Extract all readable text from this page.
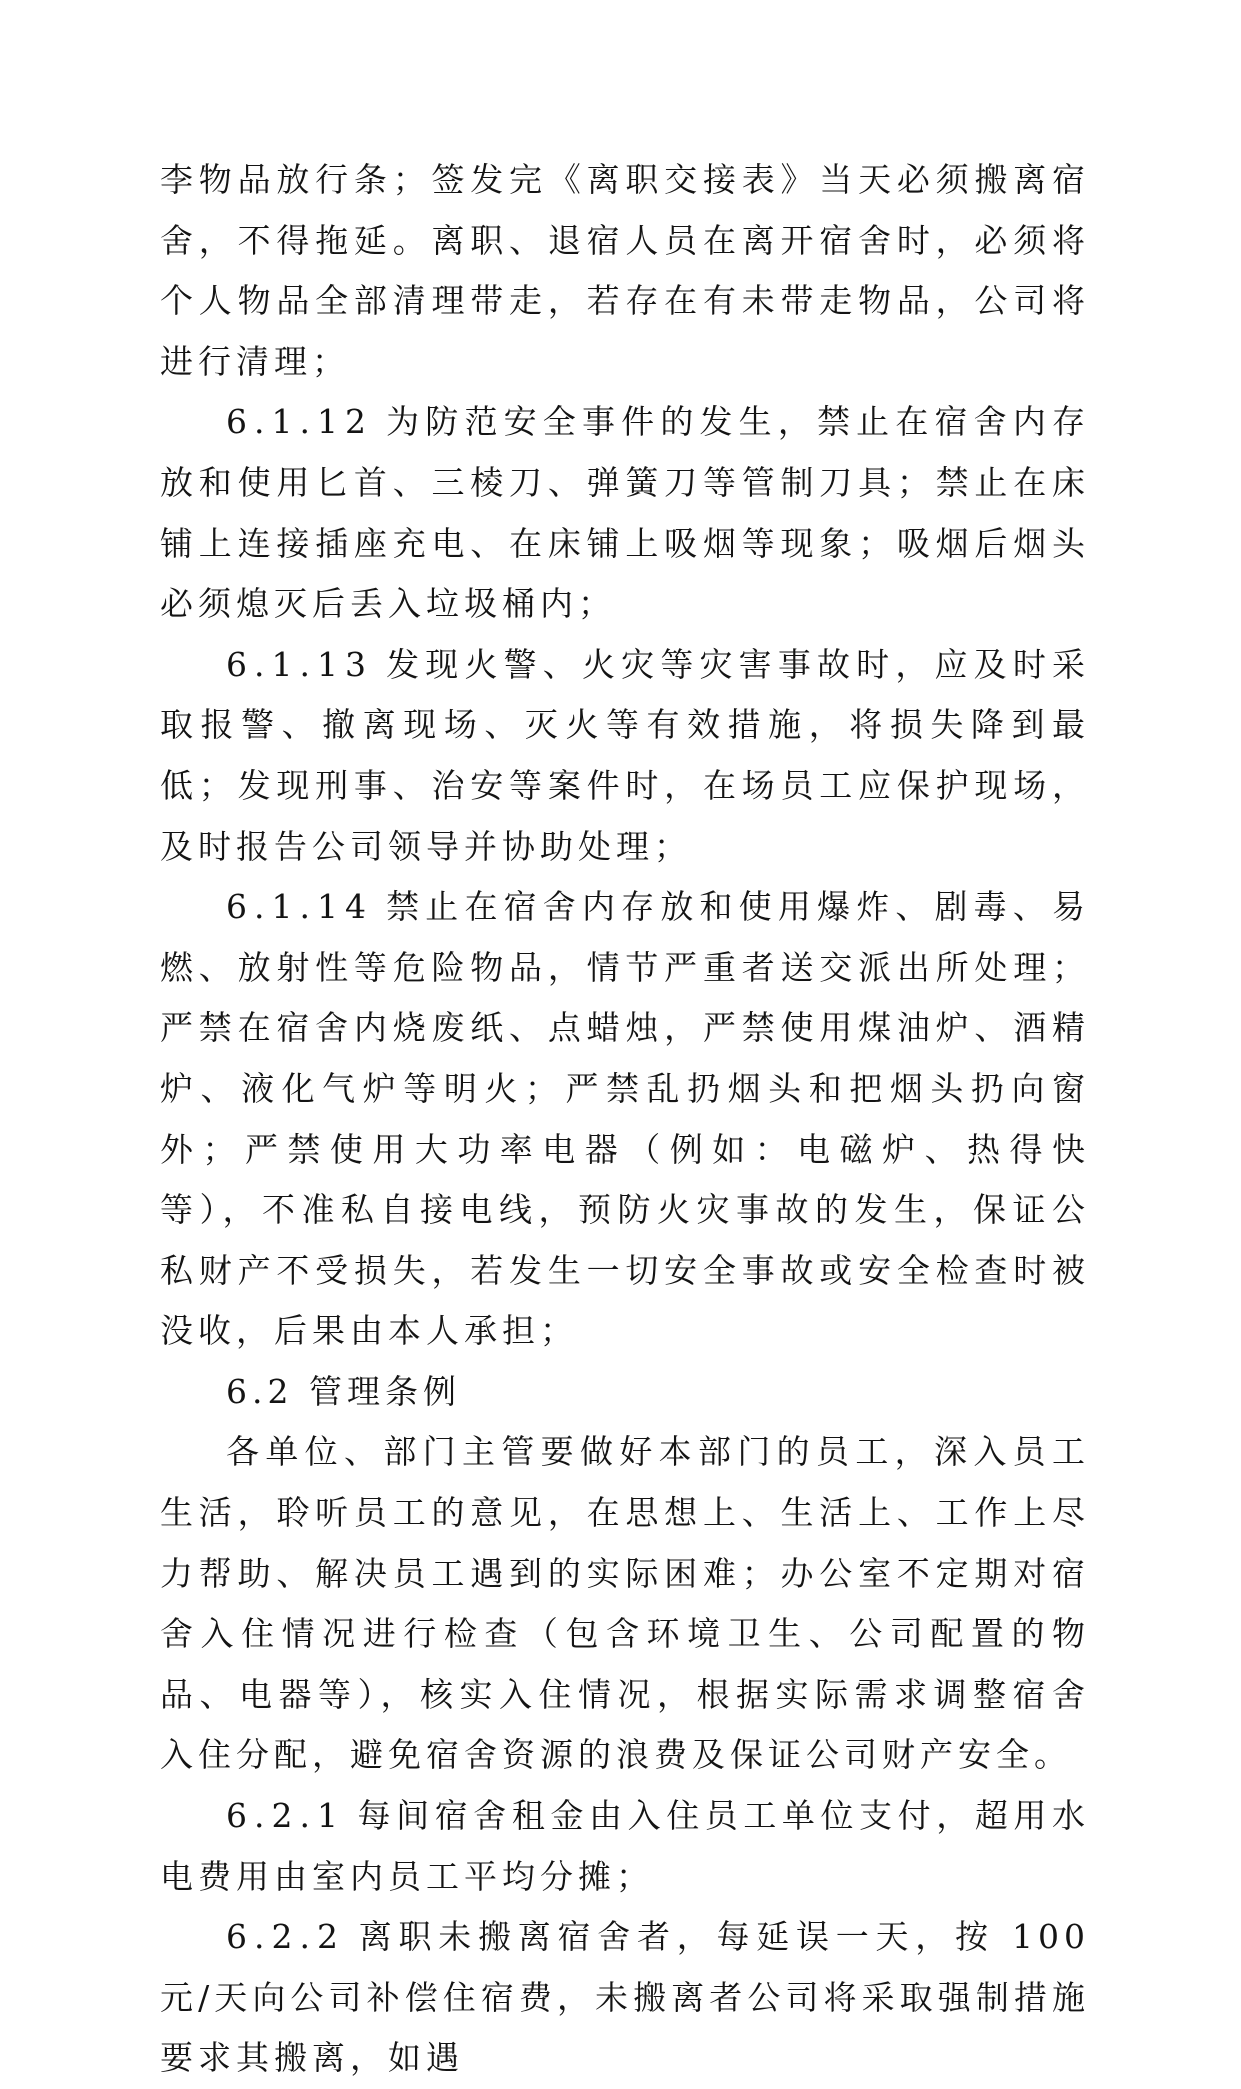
李物品放行条；签发完《离职交接表》当天必须搬离宿舍，不得拖延。离职、退宿人员在离开宿舍时，必须将个人物品全部清理带走，若存在有未带走物品，公司将进行清理；

6.1.12 为防范安全事件的发生，禁止在宿舍内存放和使用匕首、三棱刀、弹簧刀等管制刀具；禁止在床铺上连接插座充电、在床铺上吸烟等现象；吸烟后烟头必须熄灭后丢入垃圾桶内；

6.1.13 发现火警、火灾等灾害事故时，应及时采取报警、撤离现场、灭火等有效措施，将损失降到最低；发现刑事、治安等案件时，在场员工应保护现场，及时报告公司领导并协助处理；

6.1.14 禁止在宿舍内存放和使用爆炸、剧毒、易燃、放射性等危险物品，情节严重者送交派出所处理；严禁在宿舍内烧废纸、点蜡烛，严禁使用煤油炉、酒精炉、液化气炉等明火；严禁乱扔烟头和把烟头扔向窗外；严禁使用大功率电器（例如：电磁炉、热得快等），不准私自接电线，预防火灾事故的发生，保证公私财产不受损失，若发生一切安全事故或安全检查时被没收，后果由本人承担；

6.2 管理条例

各单位、部门主管要做好本部门的员工，深入员工生活，聆听员工的意见，在思想上、生活上、工作上尽力帮助、解决员工遇到的实际困难；办公室不定期对宿舍入住情况进行检查（包含环境卫生、公司配置的物品、电器等），核实入住情况，根据实际需求调整宿舍入住分配，避免宿舍资源的浪费及保证公司财产安全。

6.2.1 每间宿舍租金由入住员工单位支付，超用水电费用由室内员工平均分摊；

6.2.2 离职未搬离宿舍者，每延误一天，按 100 元/天向公司补偿住宿费，未搬离者公司将采取强制措施要求其搬离，如遇
